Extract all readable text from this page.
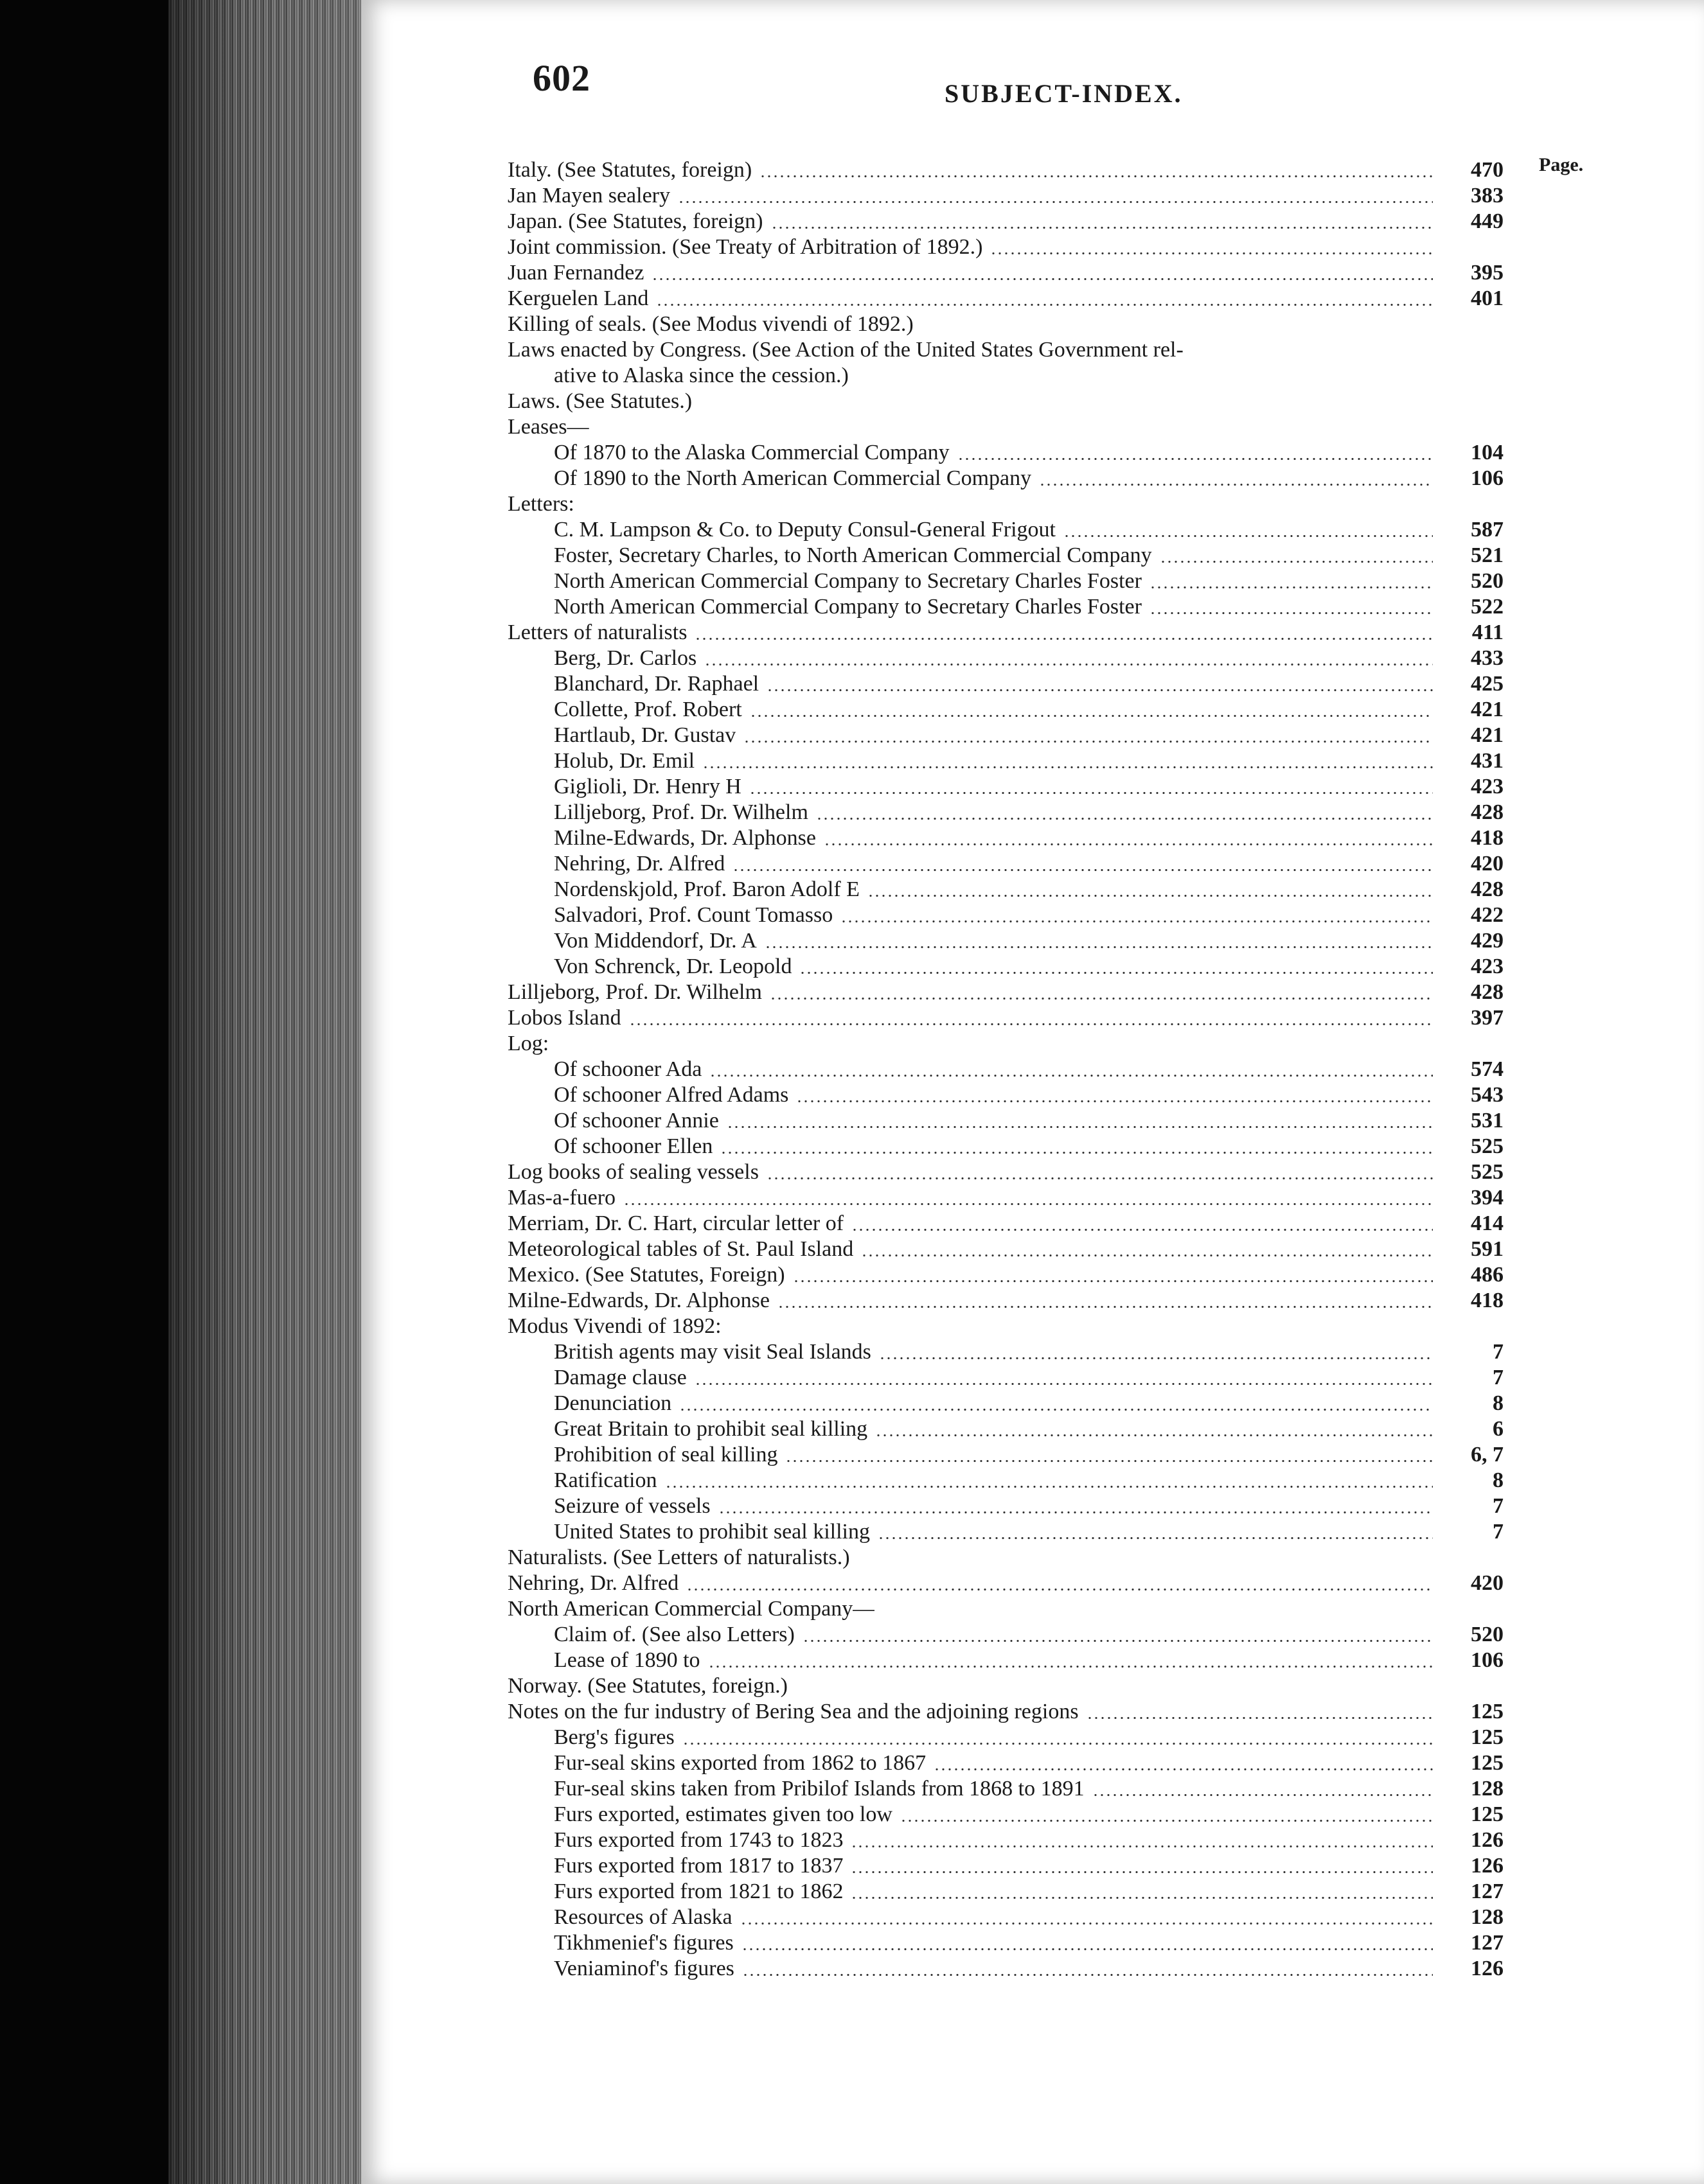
602	SUBJECT-INDEX.
Page.
Italy. (See Statutes, foreign)	470
Jan Mayen sealery	383
Japan. (See Statutes, foreign)	449
Joint commission. (See Treaty of Arbitration of 1892.)
Juan Fernandez	395
Kerguelen Land	401
Killing of seals. (See Modus vivendi of 1892.)
Laws enacted by Congress. (See Action of the United States Government rel-
ative to Alaska since the cession.)
Laws. (See Statutes.)
Leases—
Of 1870 to the Alaska Commercial Company	104
Of 1890 to the North American Commercial Company	106
Letters:
C. M. Lampson & Co. to Deputy Consul-General Frigout	587
Foster, Secretary Charles, to North American Commercial Company	521
North American Commercial Company to Secretary Charles Foster	520
North American Commercial Company to Secretary Charles Foster	522
Letters of naturalists	411
Berg, Dr. Carlos	433
Blanchard, Dr. Raphael	425
Collette, Prof. Robert	421
Hartlaub, Dr. Gustav	421
Holub, Dr. Emil	431
Giglioli, Dr. Henry H	423
Lilljeborg, Prof. Dr. Wilhelm	428
Milne-Edwards, Dr. Alphonse	418
Nehring, Dr. Alfred	420
Nordenskjold, Prof. Baron Adolf E	428
Salvadori, Prof. Count Tomasso	422
Von Middendorf, Dr. A	429
Von Schrenck, Dr. Leopold	423
Lilljeborg, Prof. Dr. Wilhelm	428
Lobos Island	397
Log:
Of schooner Ada	574
Of schooner Alfred Adams	543
Of schooner Annie	531
Of schooner Ellen	525
Log books of sealing vessels	525
Mas-a-fuero	394
Merriam, Dr. C. Hart, circular letter of	414
Meteorological tables of St. Paul Island	591
Mexico. (See Statutes, Foreign)	486
Milne-Edwards, Dr. Alphonse	418
Modus Vivendi of 1892:
British agents may visit Seal Islands	7
Damage clause	7
Denunciation	8
Great Britain to prohibit seal killing	6
Prohibition of seal killing	6, 7
Ratification	8
Seizure of vessels	7
United States to prohibit seal killing	7
Naturalists. (See Letters of naturalists.)
Nehring, Dr. Alfred	420
North American Commercial Company—
Claim of. (See also Letters)	520
Lease of 1890 to	106
Norway. (See Statutes, foreign.)
Notes on the fur industry of Bering Sea and the adjoining regions	125
Berg's figures	125
Fur-seal skins exported from 1862 to 1867	125
Fur-seal skins taken from Pribilof Islands from 1868 to 1891	128
Furs exported, estimates given too low	125
Furs exported from 1743 to 1823	126
Furs exported from 1817 to 1837	126
Furs exported from 1821 to 1862	127
Resources of Alaska	128
Tikhmenief's figures	127
Veniaminof's figures	126
